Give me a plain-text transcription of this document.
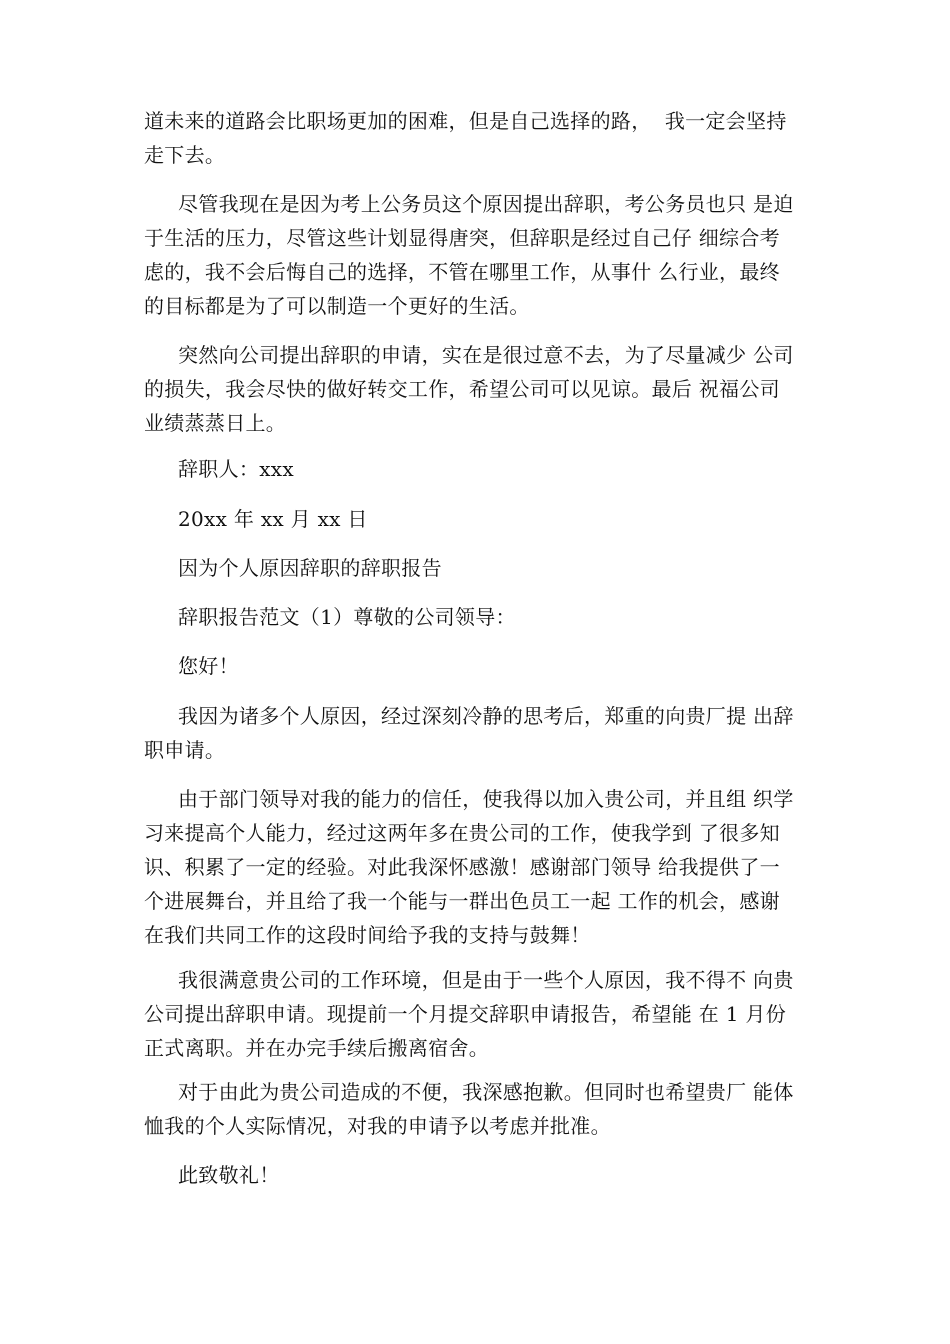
道未来的道路会比职场更加的困难，但是自己选择的路，  我一定会坚持
走下去。
尽管我现在是因为考上公务员这个原因提出辞职，考公务员也只 是迫
于生活的压力，尽管这些计划显得唐突，但辞职是经过自己仔 细综合考
虑的，我不会后悔自己的选择，不管在哪里工作，从事什 么行业，最终
的目标都是为了可以制造一个更好的生活。
突然向公司提出辞职的申请，实在是很过意不去，为了尽量减少 公司
的损失，我会尽快的做好转交工作，希望公司可以见谅。最后 祝福公司
业绩蒸蒸日上。
辞职人：xxx
20xx 年 xx 月 xx 日
因为个人原因辞职的辞职报告
辞职报告范文（1）尊敬的公司领导：
您好！
我因为诸多个人原因，经过深刻冷静的思考后，郑重的向贵厂提 出辞
职申请。
由于部门领导对我的能力的信任，使我得以加入贵公司，并且组 织学
习来提高个人能力，经过这两年多在贵公司的工作，使我学到 了很多知
识、积累了一定的经验。对此我深怀感激！感谢部门领导 给我提供了一
个进展舞台，并且给了我一个能与一群出色员工一起 工作的机会，感谢
在我们共同工作的这段时间给予我的支持与鼓舞！
我很满意贵公司的工作环境，但是由于一些个人原因，我不得不 向贵
公司提出辞职申请。现提前一个月提交辞职申请报告，希望能 在 1 月份
正式离职。并在办完手续后搬离宿舍。
对于由此为贵公司造成的不便，我深感抱歉。但同时也希望贵厂 能体
恤我的个人实际情况，对我的申请予以考虑并批准。
此致敬礼！
